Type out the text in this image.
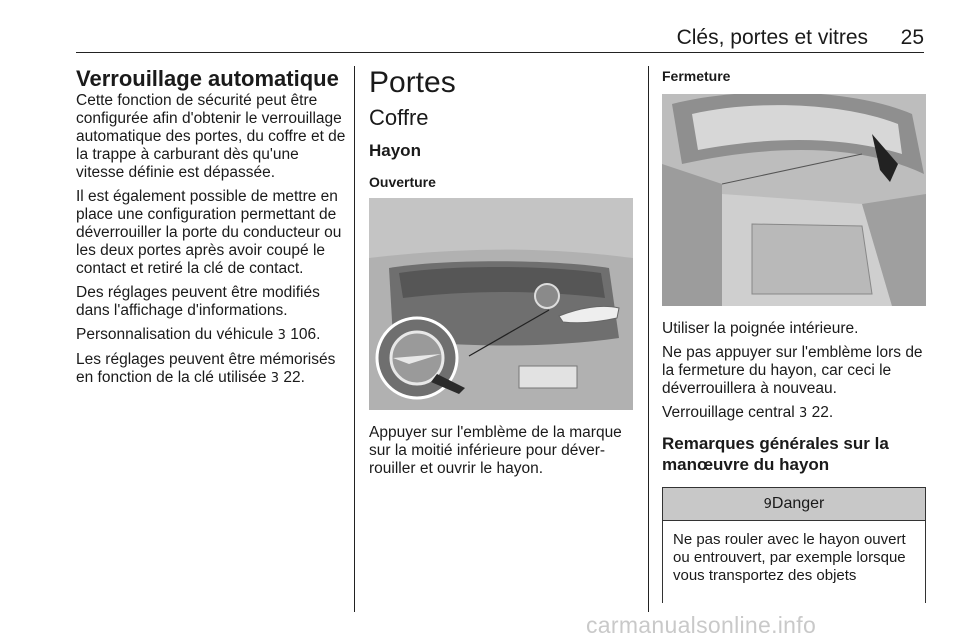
Clés, portes et vitres 25
Verrouillage automatique

Cette fonction de sécurité peut être configurée afin d'obtenir le verrouillage automatique des portes, du coffre et de la trappe à carburant dès qu'une vitesse définie est dépassée.

Il est également possible de mettre en place une configuration permettant de déverrouiller la porte du conducteur ou les deux portes après avoir coupé le contact et retiré la clé de contact.

Des réglages peuvent être modifiés dans l'affichage d'informations.

Personnalisation du véhicule 3 106.

Les réglages peuvent être mémorisés en fonction de la clé utilisée 3 22.

Portes
Coffre
Hayon
Ouverture

Appuyer sur l'emblème de la marque sur la moitié inférieure pour déverrouiller et ouvrir le hayon.

Fermeture

Utiliser la poignée intérieure.

Ne pas appuyer sur l'emblème lors de la fermeture du hayon, car ceci le déverrouillera à nouveau.

Verrouillage central 3 22.

Remarques générales sur la manœuvre du hayon
9Danger

Ne pas rouler avec le hayon ouvert ou entrouvert, par exemple lorsque vous transportez des objets

carmanualsonline.info
